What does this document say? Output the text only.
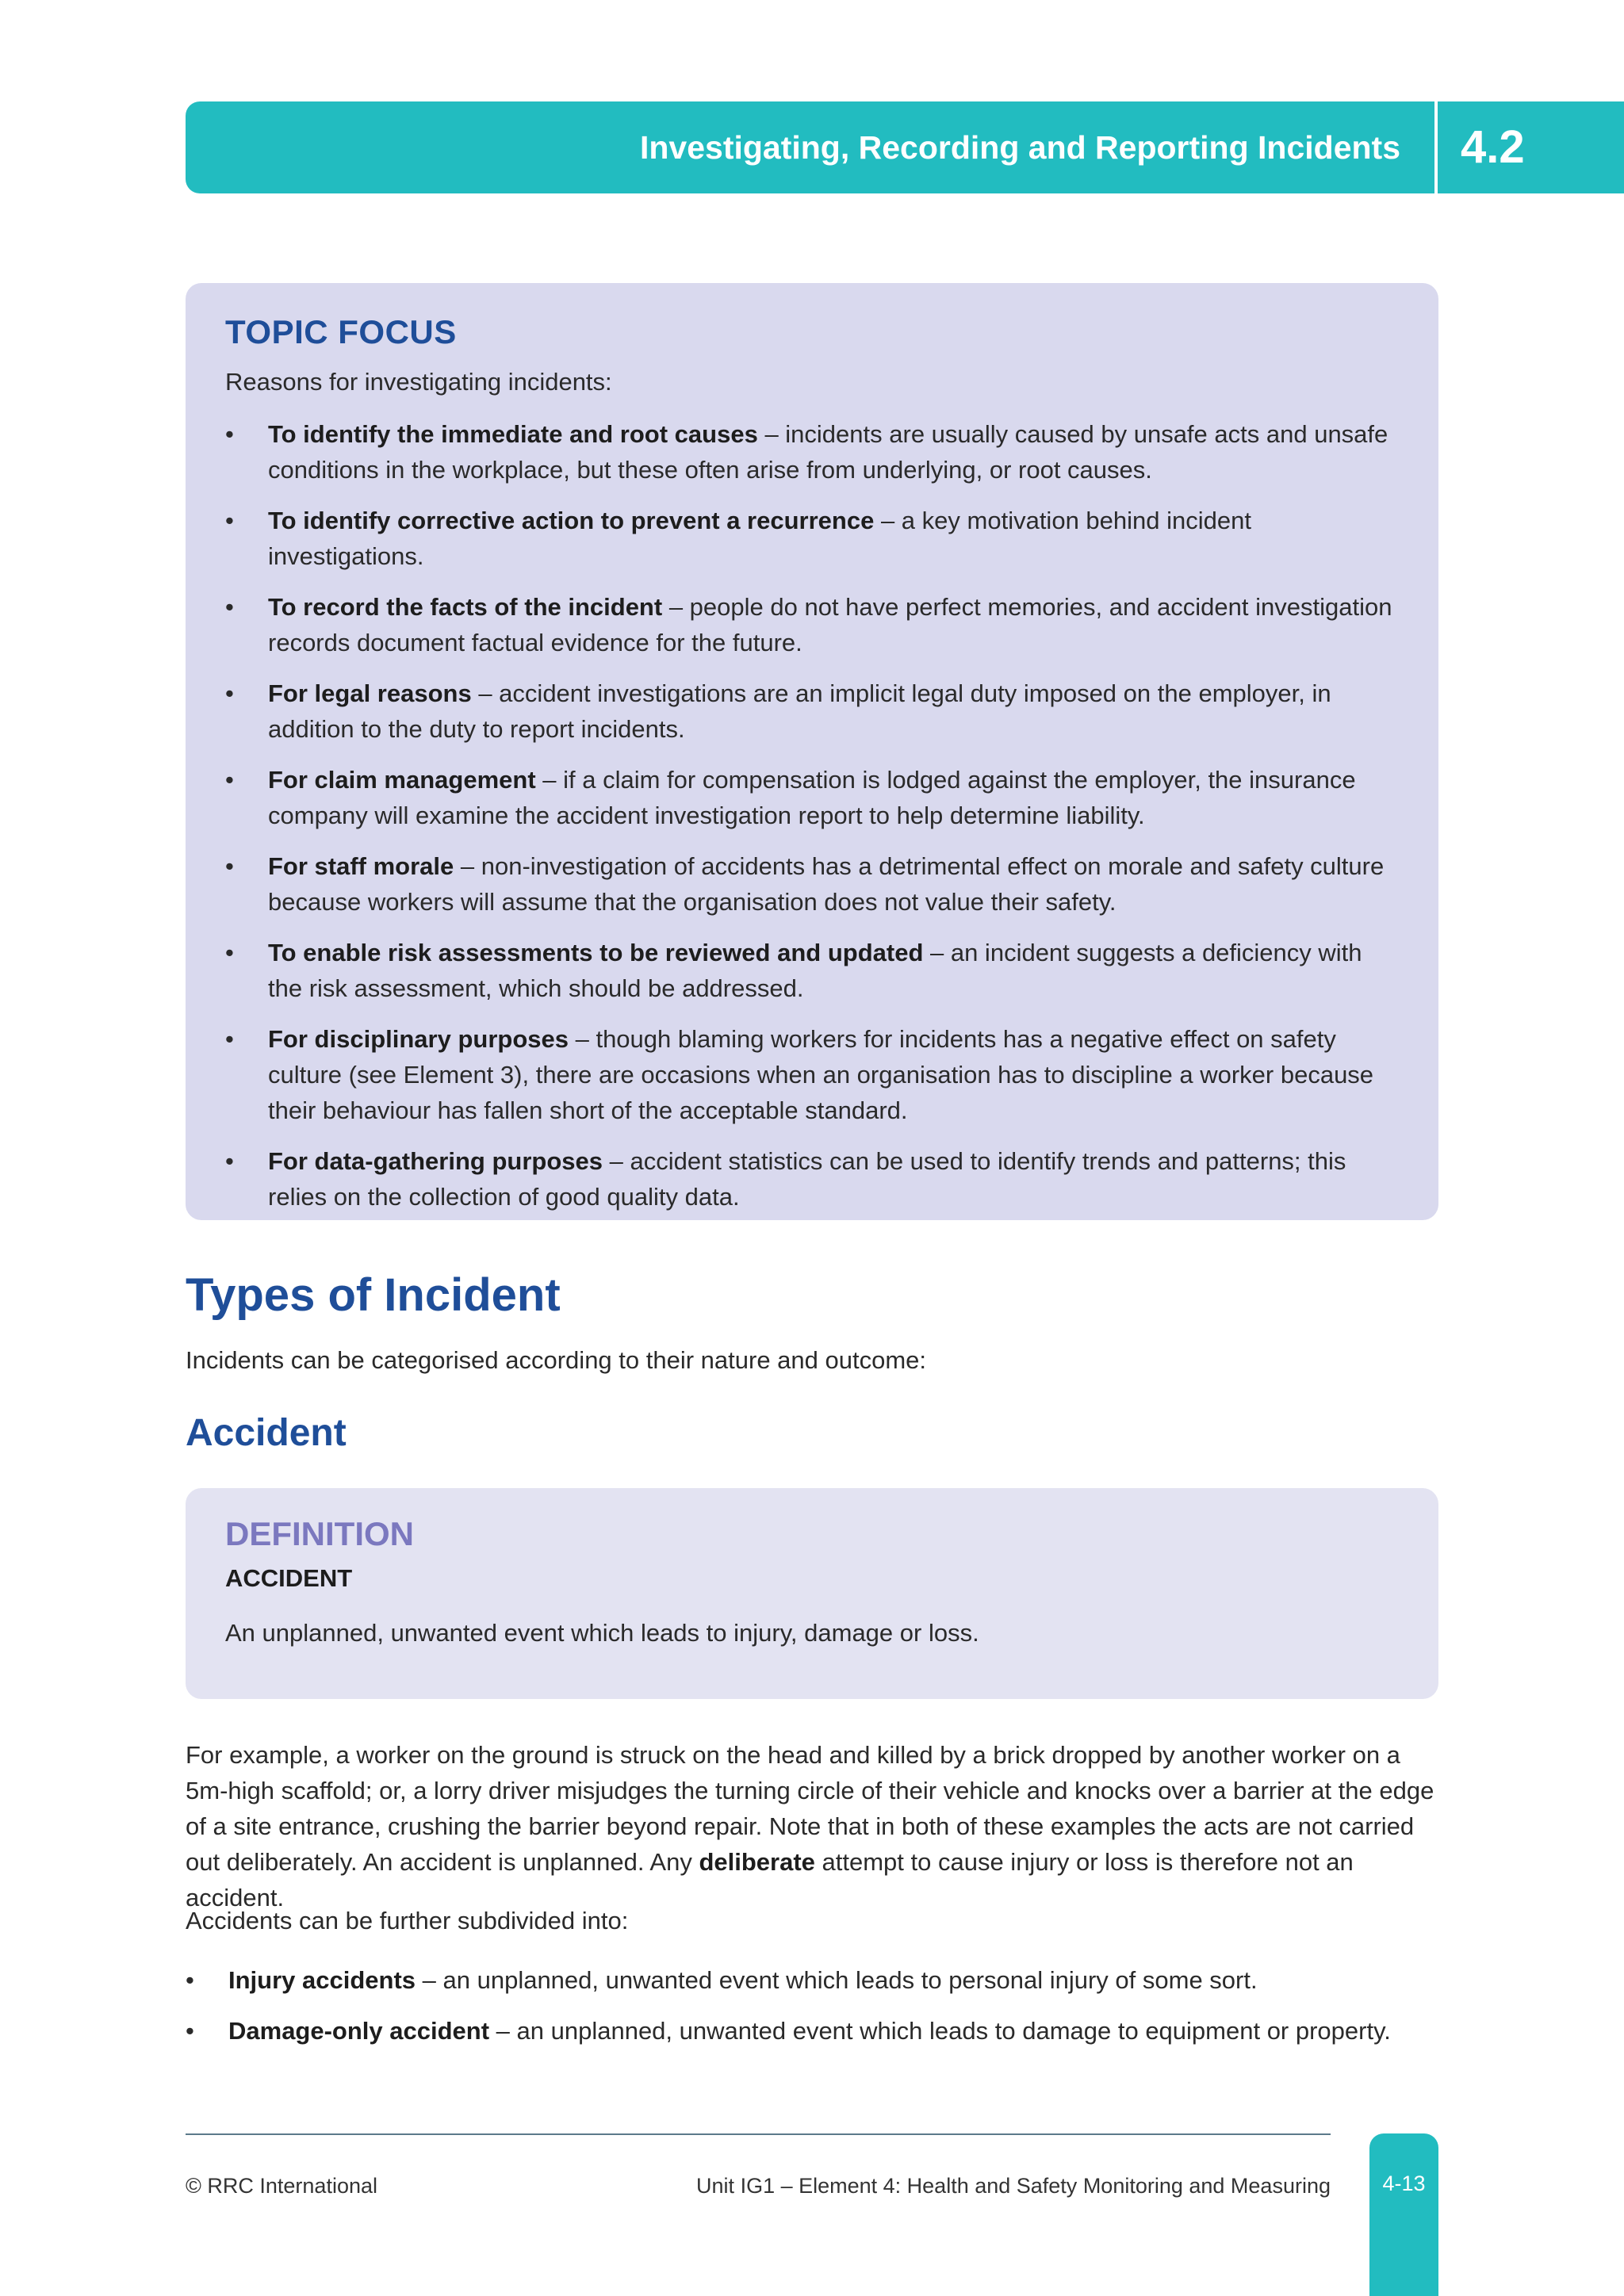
Investigating, Recording and Reporting Incidents 4.2
TOPIC FOCUS

Reasons for investigating incidents:

• To identify the immediate and root causes – incidents are usually caused by unsafe acts and unsafe conditions in the workplace, but these often arise from underlying, or root causes.
• To identify corrective action to prevent a recurrence – a key motivation behind incident investigations.
• To record the facts of the incident – people do not have perfect memories, and accident investigation records document factual evidence for the future.
• For legal reasons – accident investigations are an implicit legal duty imposed on the employer, in addition to the duty to report incidents.
• For claim management – if a claim for compensation is lodged against the employer, the insurance company will examine the accident investigation report to help determine liability.
• For staff morale – non-investigation of accidents has a detrimental effect on morale and safety culture because workers will assume that the organisation does not value their safety.
• To enable risk assessments to be reviewed and updated – an incident suggests a deficiency with the risk assessment, which should be addressed.
• For disciplinary purposes – though blaming workers for incidents has a negative effect on safety culture (see Element 3), there are occasions when an organisation has to discipline a worker because their behaviour has fallen short of the acceptable standard.
• For data-gathering purposes – accident statistics can be used to identify trends and patterns; this relies on the collection of good quality data.
Types of Incident

Incidents can be categorised according to their nature and outcome:

Accident
DEFINITION

ACCIDENT

An unplanned, unwanted event which leads to injury, damage or loss.

For example, a worker on the ground is struck on the head and killed by a brick dropped by another worker on a 5m-high scaffold; or, a lorry driver misjudges the turning circle of their vehicle and knocks over a barrier at the edge of a site entrance, crushing the barrier beyond repair. Note that in both of these examples the acts are not carried out deliberately. An accident is unplanned. Any deliberate attempt to cause injury or loss is therefore not an accident.

Accidents can be further subdivided into:

• Injury accidents – an unplanned, unwanted event which leads to personal injury of some sort.
• Damage-only accident – an unplanned, unwanted event which leads to damage to equipment or property.
© RRC International	Unit IG1 – Element 4: Health and Safety Monitoring and Measuring	4-13
